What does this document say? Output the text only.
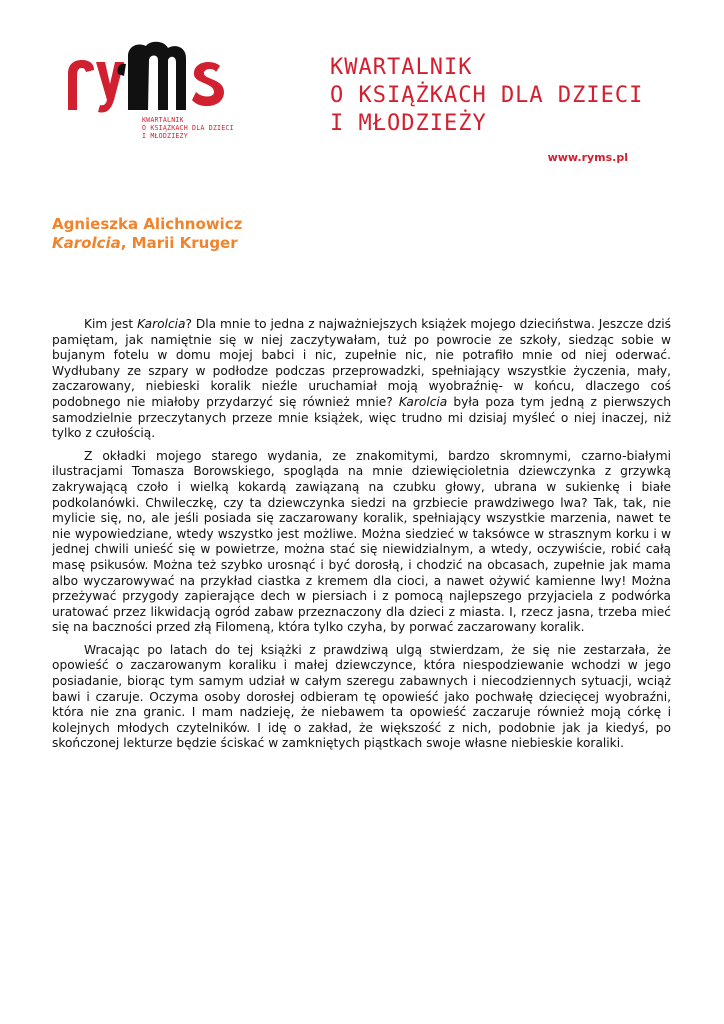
KWARTALNIK
O KSIĄŻKACH DLA DZIECI
I MŁODZIEŻY
KWARTALNIK
O KSIĄŻKACH DLA DZIECI
I MŁODZIEŻY
www.ryms.pl
Agnieszka Alichnowicz
Karolcia, Marii Kruger

Kim jest Karolcia? Dla mnie to jedna z najważniejszych książek mojego dzieciństwa. Jeszcze dziś pamiętam, jak namiętnie się w niej zaczytywałam, tuż po powrocie ze szkoły, siedząc sobie w bujanym fotelu w domu mojej babci i nic, zupełnie nic, nie potrafiło mnie od niej oderwać. Wydłubany ze szpary w podłodze podczas przeprowadzki, spełniający wszystkie życzenia, mały, zaczarowany, niebieski koralik nieźle uruchamiał moją wyobraźnię- w końcu, dlaczego coś podobnego nie miałoby przydarzyć się również mnie? Karolcia była poza tym jedną z pierwszych samodzielnie przeczytanych przeze mnie książek, więc trudno mi dzisiaj myśleć o niej inaczej, niż tylko z czułością.

Z okładki mojego starego wydania, ze znakomitymi, bardzo skromnymi, czarno-białymi ilustracjami Tomasza Borowskiego, spogląda na mnie dziewięcioletnia dziewczynka z grzywką zakrywającą czoło i wielką kokardą zawiązaną na czubku głowy, ubrana w sukienkę i białe podkolanówki. Chwileczkę, czy ta dziewczynka siedzi na grzbiecie prawdziwego lwa? Tak, tak, nie mylicie się, no, ale jeśli posiada się zaczarowany koralik, spełniający wszystkie marzenia, nawet te nie wypowiedziane, wtedy wszystko jest możliwe. Można siedzieć w taksówce w strasznym korku i w jednej chwili unieść się w powietrze, można stać się niewidzialnym, a wtedy, oczywiście, robić całą masę psikusów. Można też szybko urosnąć i być dorosłą, i chodzić na obcasach, zupełnie jak mama albo wyczarowywać na przykład ciastka z kremem dla cioci, a nawet ożywić kamienne lwy! Można przeżywać przygody zapierające dech w piersiach i z pomocą najlepszego przyjaciela z podwórka uratować przez likwidacją ogród zabaw przeznaczony dla dzieci z miasta. I, rzecz jasna, trzeba mieć się na baczności przed złą Filomeną, która tylko czyha, by porwać zaczarowany koralik.

Wracając po latach do tej książki z prawdziwą ulgą stwierdzam, że się nie zestarzała, że opowieść o zaczarowanym koraliku i małej dziewczynce, która niespodziewanie wchodzi w jego posiadanie, biorąc tym samym udział w całym szeregu zabawnych i niecodziennych sytuacji, wciąż bawi i czaruje. Oczyma osoby dorosłej odbieram tę opowieść jako pochwałę dziecięcej wyobraźni, która nie zna granic. I mam nadzieję, że niebawem ta opowieść zaczaruje również moją córkę i kolejnych młodych czytelników. I idę o zakład, że większość z nich, podobnie jak ja kiedyś, po skończonej lekturze będzie ściskać w zamkniętych piąstkach swoje własne niebieskie koraliki.
